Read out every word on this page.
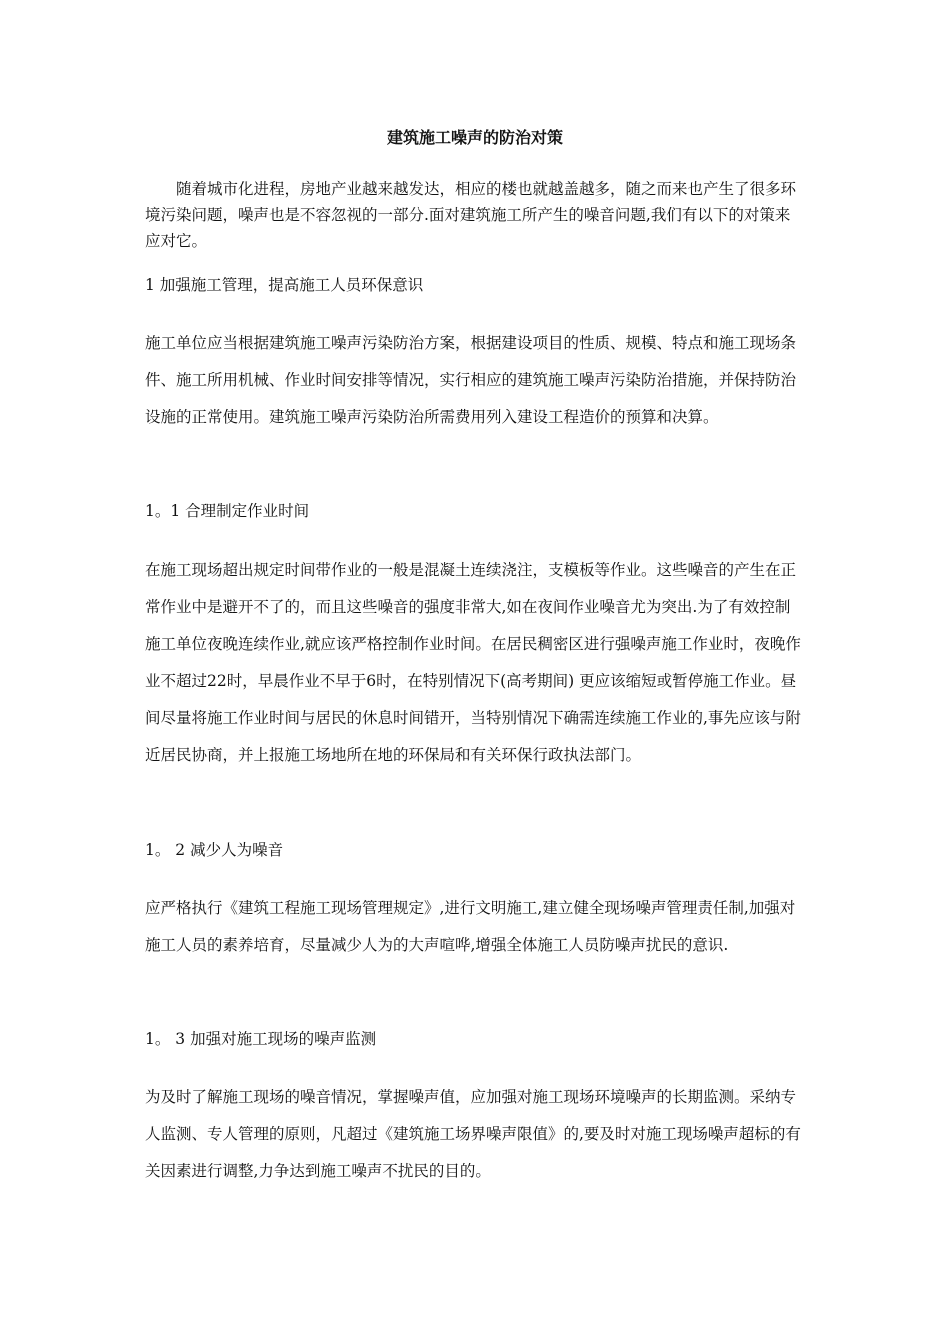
建筑施工噪声的防治对策

随着城市化进程，房地产业越来越发达，相应的楼也就越盖越多，随之而来也产生了很多环境污染问题，噪声也是不容忽视的一部分.面对建筑施工所产生的噪音问题,我们有以下的对策来应对它。

1 加强施工管理，提高施工人员环保意识

施工单位应当根据建筑施工噪声污染防治方案，根据建设项目的性质、规模、特点和施工现场条件、施工所用机械、作业时间安排等情况，实行相应的建筑施工噪声污染防治措施，并保持防治设施的正常使用。建筑施工噪声污染防治所需费用列入建设工程造价的预算和决算。

1。1 合理制定作业时间

在施工现场超出规定时间带作业的一般是混凝土连续浇注，支模板等作业。这些噪音的产生在正常作业中是避开不了的，而且这些噪音的强度非常大,如在夜间作业噪音尤为突出.为了有效控制施工单位夜晚连续作业,就应该严格控制作业时间。在居民稠密区进行强噪声施工作业时，夜晚作业不超过22时，早晨作业不早于6时，在特别情况下(高考期间) 更应该缩短或暂停施工作业。昼间尽量将施工作业时间与居民的休息时间错开，当特别情况下确需连续施工作业的,事先应该与附近居民协商，并上报施工场地所在地的环保局和有关环保行政执法部门。

1。 2 减少人为噪音

应严格执行《建筑工程施工现场管理规定》,进行文明施工,建立健全现场噪声管理责任制,加强对施工人员的素养培育，尽量减少人为的大声喧哗,增强全体施工人员防噪声扰民的意识.

1。 3 加强对施工现场的噪声监测

为及时了解施工现场的噪音情况，掌握噪声值，应加强对施工现场环境噪声的长期监测。采纳专人监测、专人管理的原则，凡超过《建筑施工场界噪声限值》的,要及时对施工现场噪声超标的有关因素进行调整,力争达到施工噪声不扰民的目的。
